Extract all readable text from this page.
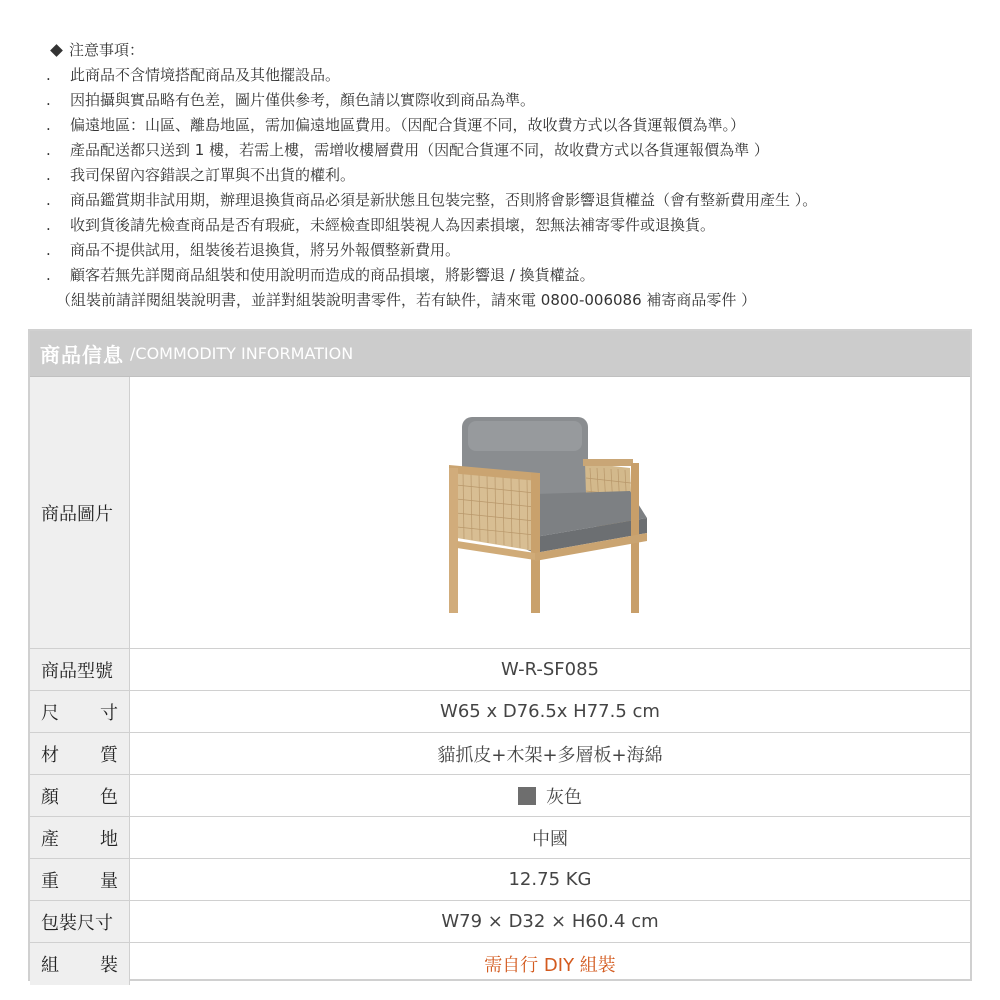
注意事項：
.	此商品不含情境搭配商品及其他擺設品。
.	因拍攝與實品略有色差，圖片僅供參考，顏色請以實際收到商品為準。
.	偏遠地區：山區、離島地區，需加偏遠地區費用。（因配合貨運不同，故收費方式以各貨運報價為準。）
.	產品配送都只送到 1 樓，若需上樓，需增收樓層費用（因配合貨運不同，故收費方式以各貨運報價為準 ）
.	我司保留內容錯誤之訂單與不出貨的權利。
.	商品鑑賞期非試用期，辦理退換貨商品必須是新狀態且包裝完整，否則將會影響退貨權益（會有整新費用產生 ）。
.	收到貨後請先檢查商品是否有瑕疵，未經檢查即組裝視人為因素損壞，恕無法補寄零件或退換貨。
.	商品不提供試用，組裝後若退換貨，將另外報價整新費用。
.	顧客若無先詳閱商品組裝和使用說明而造成的商品損壞，將影響退 / 換貨權益。
（組裝前請詳閱組裝說明書，並詳對組裝說明書零件，若有缺件，請來電 0800-006086 補寄商品零件 ）
商品信息 /COMMODITY INFORMATION
商品圖片
商品型號	W-R-SF085
尺 寸	W65 x D76.5x H77.5 cm
材 質	貓抓皮+木架+多層板+海綿
顏 色	灰色
產 地	中國
重 量	12.75 KG
包裝尺寸	W79 × D32 × H60.4 cm
組 裝	需自行 DIY 組裝
